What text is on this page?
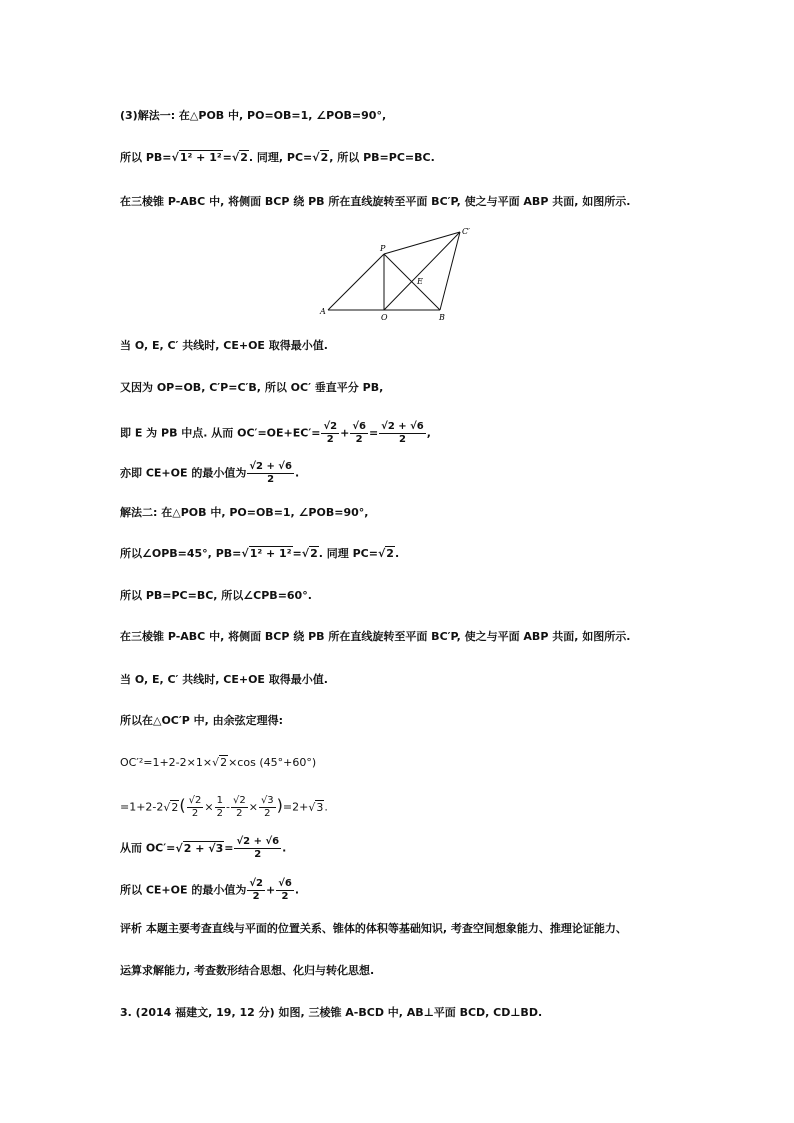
(3)解法一: 在△POB 中, PO=OB=1, ∠POB=90°,
所以 PB=√1² + 1²=√2. 同理, PC=√2, 所以 PB=PC=BC.
在三棱锥 P-ABC 中, 将侧面 BCP 绕 PB 所在直线旋转至平面 BC′P, 使之与平面 ABP 共面, 如图所示.
P
C′
E
A
O	B
当 O, E, C′ 共线时, CE+OE 取得最小值.
又因为 OP=OB, C′P=C′B, 所以 OC′ 垂直平分 PB,
即 E 为 PB 中点. 从而 $OC'=OE+EC'= \frac{√2}{2} + \frac{√6}{2} = \frac{√2 + √6}{2}$ ,
亦即 CE+OE 的最小值为 $\frac{√2 + √6}{2}$ .
解法二: 在△POB 中, PO=OB=1, ∠POB=90°,
所以∠OPB=45°, PB=√1² + 1²=√2. 同理 PC=√2.
所以 PB=PC=BC, 所以∠CPB=60°.
在三棱锥 P-ABC 中, 将侧面 BCP 绕 PB 所在直线旋转至平面 BC′P, 使之与平面 ABP 共面, 如图所示.
当 O, E, C′ 共线时, CE+OE 取得最小值.
所以在△OC′P 中, 由余弦定理得:
OC′²=1+2-2×1×√2×cos (45°+60°)
$=1+2-2√2( \frac{√2}{2} \times \frac{1}{2} - \frac{√2}{2} \times \frac{√3}{2} )=2+√3$.
从而 $OC'=√2 + √3= \frac{√2 + √6}{2}$ .
所以 CE+OE 的最小值为 $\frac{√2}{2} + \frac{√6}{2}$ .
评析 本题主要考查直线与平面的位置关系、锥体的体积等基础知识, 考查空间想象能力、推理论证能力、
运算求解能力, 考查数形结合思想、化归与转化思想.
3. (2014 福建文, 19, 12 分) 如图, 三棱锥 A-BCD 中, AB⊥平面 BCD, CD⊥BD.
